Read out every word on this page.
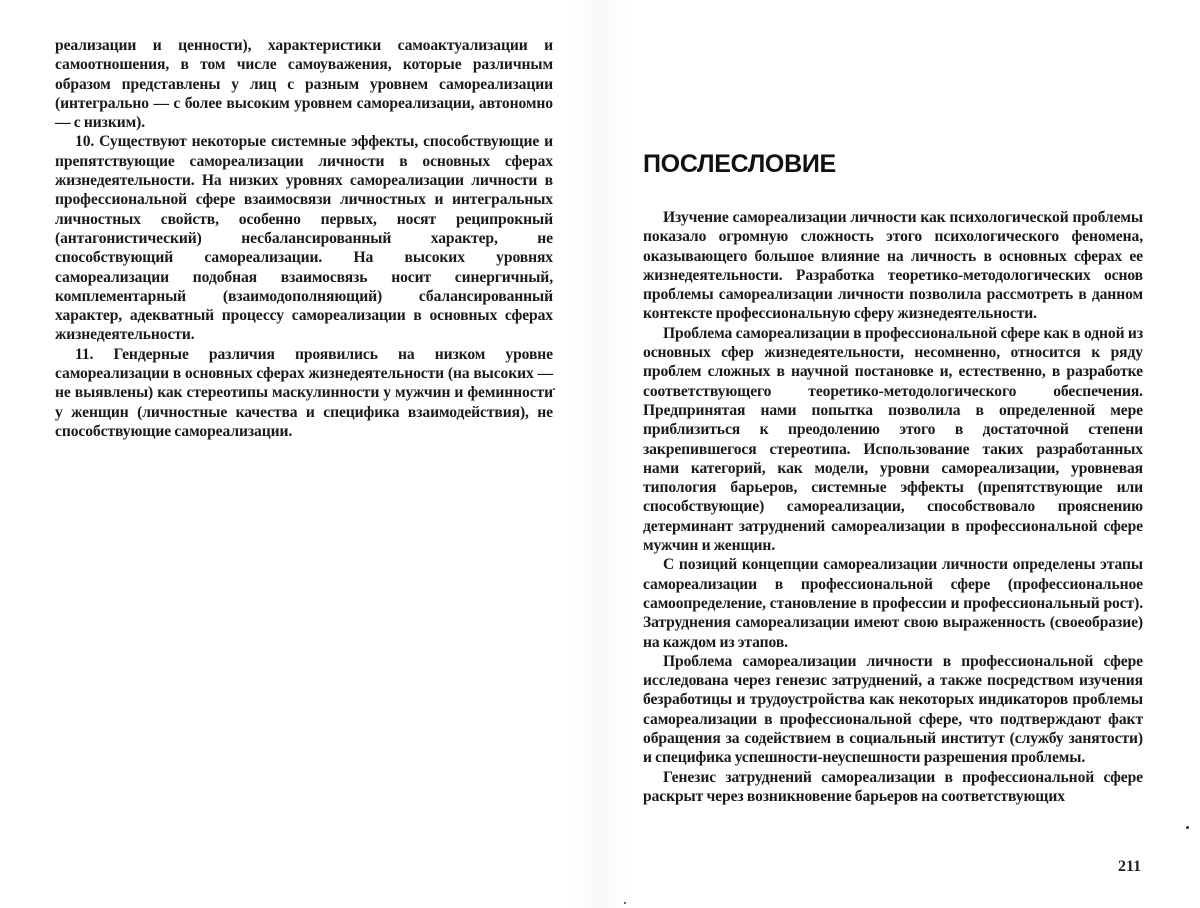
реализации и ценности), характеристики самоактуализации и самоотношения, в том числе самоуважения, которые различным образом представлены у лиц с разным уровнем самореализации (интегрально — с более высоким уровнем самореализации, автономно — с низким).

10. Существуют некоторые системные эффекты, способствующие и препятствующие самореализации личности в основных сферах жизнедеятельности. На низких уровнях самореализации личности в профессиональной сфере взаимосвязи личностных и интегральных личностных свойств, особенно первых, носят реципрокный (антагонистический) несбалансированный характер, не способствующий самореализации. На высоких уровнях самореализации подобная взаимосвязь носит синергичный, комплементарный (взаимодополняющий) сбалансированный характер, адекватный процессу самореализации в основных сферах жизнедеятельности.

11. Гендерные различия проявились на низком уровне самореализации в основных сферах жизнедеятельности (на высоких — не выявлены) как стереотипы маскулинности у мужчин и феминности у женщин (личностные качества и специфика взаимодействия), не способствующие самореализации.

ПОСЛЕСЛОВИЕ

Изучение самореализации личности как психологической проблемы показало огромную сложность этого психологического феномена, оказывающего большое влияние на личность в основных сферах ее жизнедеятельности. Разработка теоретико-методологических основ проблемы самореализации личности позволила рассмотреть в данном контексте профессиональную сферу жизнедеятельности.

Проблема самореализации в профессиональной сфере как в одной из основных сфер жизнедеятельности, несомненно, относится к ряду проблем сложных в научной постановке и, естественно, в разработке соответствующего теоретико-методологического обеспечения. Предпринятая нами попытка позволила в определенной мере приблизиться к преодолению этого в достаточной степени закрепившегося стереотипа. Использование таких разработанных нами категорий, как модели, уровни самореализации, уровневая типология барьеров, системные эффекты (препятствующие или способствующие) самореализации, способствовало прояснению детерминант затруднений самореализации в профессиональной сфере мужчин и женщин.

С позиций концепции самореализации личности определены этапы самореализации в профессиональной сфере (профессиональное самоопределение, становление в профессии и профессиональный рост). Затруднения самореализации имеют свою выраженность (своеобразие) на каждом из этапов.

Проблема самореализации личности в профессиональной сфере исследована через генезис затруднений, а также посредством изучения безработицы и трудоустройства как некоторых индикаторов проблемы самореализации в профессиональной сфере, что подтверждают факт обращения за содействием в социальный институт (службу занятости) и специфика успешности-неуспешности разрешения проблемы.

Генезис затруднений самореализации в профессиональной сфере раскрыт через возникновение барьеров на соответствующих

211
